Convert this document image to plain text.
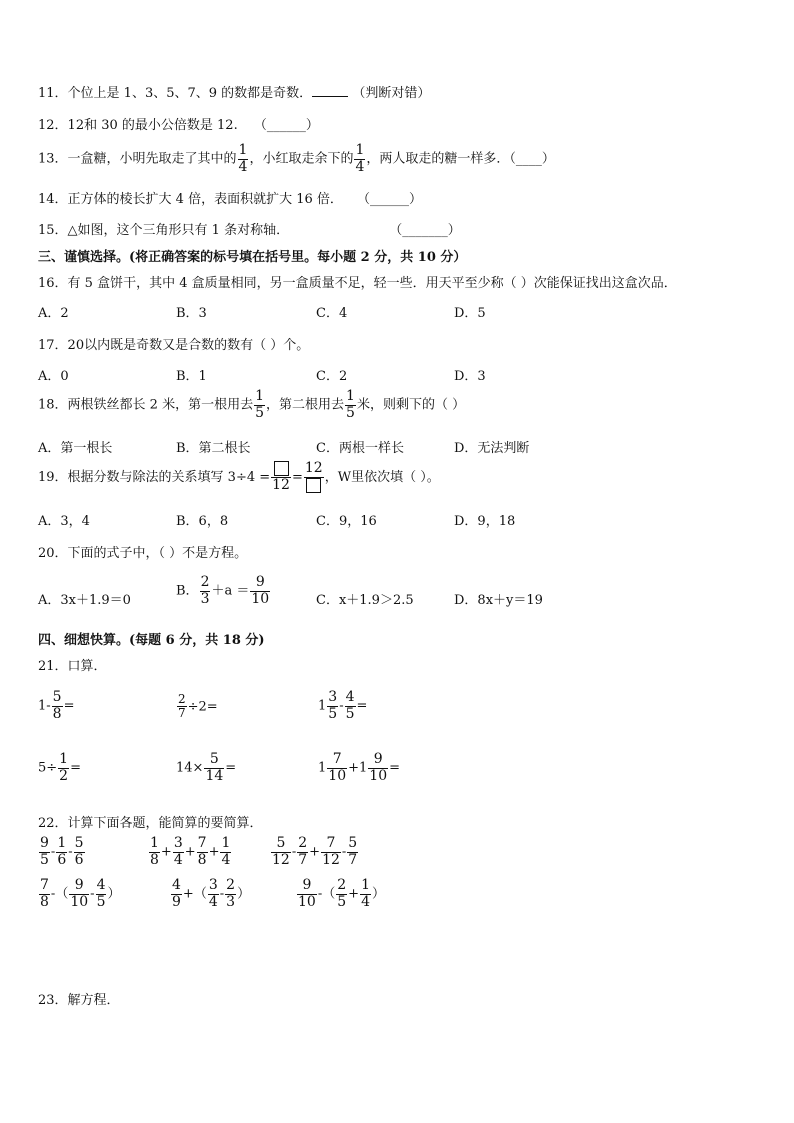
11．个位上是 1、3、5、7、9 的数都是奇数．	（判断对错）
12．12和 30 的最小公倍数是 12. （______）
13．一盒糖，小明先取走了其中的 $\frac{1}{4}$ ，小红取走余下的 $\frac{1}{4}$ ，两人取走的糖一样多．（____）
14．正方体的棱长扩大 4 倍，表面积就扩大 16 倍． （______）
15．△如图，这个三角形只有 1 条对称轴．	（_______）
三、谨慎选择。(将正确答案的标号填在括号里。每小题 2 分，共 10 分）
16．有 5 盒饼干，其中 4 盒质量相同，另一盒质量不足，轻一些．用天平至少称（ ）次能保证找出这盒次品．
A．2	B．3	C．4	D．5
17．20以内既是奇数又是合数的数有（ ）个。
A．0	B．1	C．2	D．3
18．两根铁丝都长 2 米，第一根用去 $\frac{1}{5}$ ，第二根用去 $\frac{1}{5}$ 米，则剩下的（ ）
A．第一根长	B．第二根长	C．两根一样长	D．无法判断
19．根据分数与除法的关系填写 3÷4 = 12 =
12
，W里依次填（ ）。
A．3，4	B．6，8	C．9，16	D．9，18
20．下面的式子中，（ ）不是方程。
A．3x＋1.9＝0
B． $\frac{2}{3} +a = \frac{9}{10}$	C．x＋1.9＞2.5	D．8x＋y＝19
四、细想快算。(每题 6 分，共 18 分)
21．口算．
$1- \frac{5}{8}$ =	$\frac{2}{7} \div 2=$	$1 \frac{3}{5} - \frac{4}{5}$ =
$5\div \frac{1}{2}$ =	$14\times \frac{5}{14}$ =	$1 \frac{7}{10} +1 \frac{9}{10}$ =
22．计算下面各题，能简算的要简算．
$\frac{9}{5} - \frac{1}{6} - \frac{5}{6}$	$\frac{1}{8} + \frac{3}{4} + \frac{7}{8} + \frac{1}{4}$	$\frac{5}{12} - \frac{2}{7} + \frac{7}{12} - \frac{5}{7}$
$\frac{7}{8}$ -（ $\frac{9}{10} - \frac{4}{5}$ ）	$\frac{4}{9}$ +（ $\frac{3}{4} - \frac{2}{3}$ ）	$\frac{9}{10}$ -（ $\frac{2}{5} + \frac{1}{4}$ ）
23．解方程．
